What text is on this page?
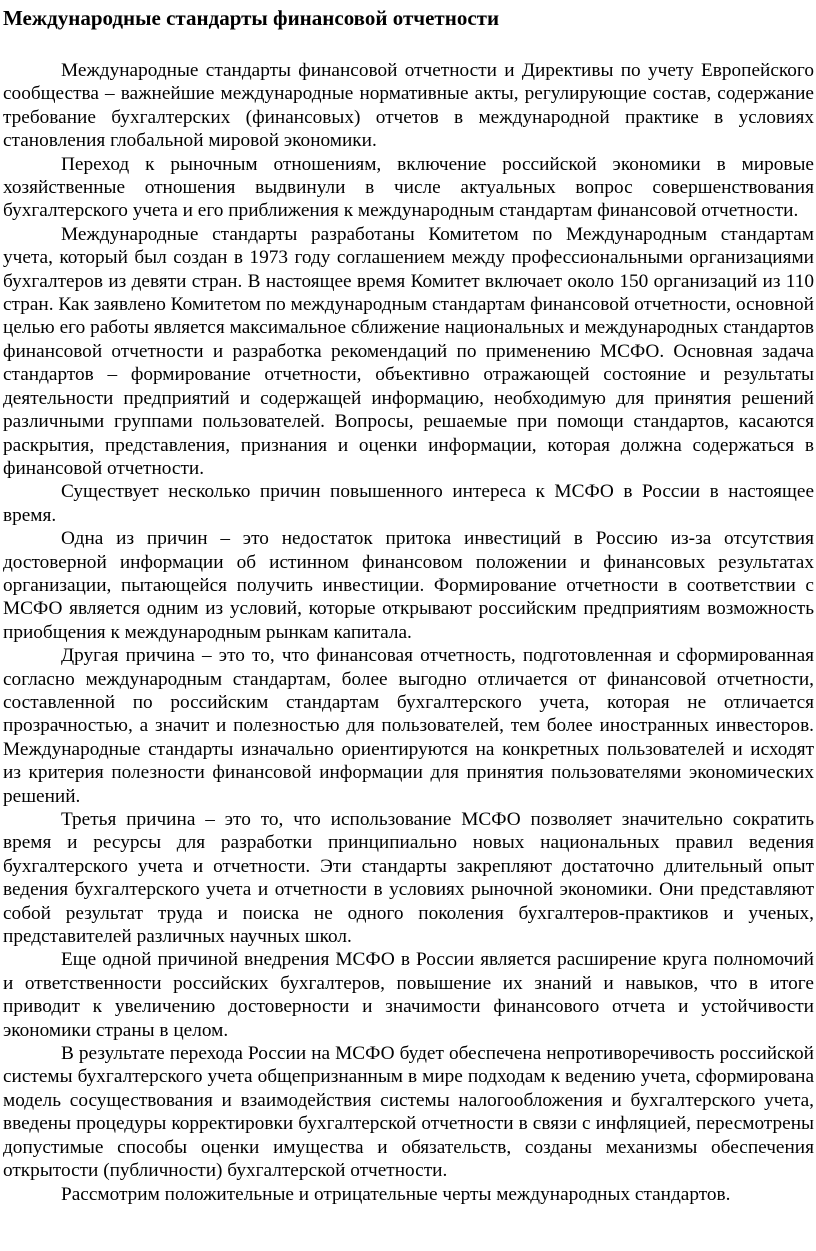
Международные стандарты финансовой отчетности

Международные стандарты финансовой отчетности и Директивы по учету Европейского сообщества – важнейшие международные нормативные акты, регулирующие состав, содержание требование бухгалтерских (финансовых) отчетов в международной практике в условиях становления глобальной мировой экономики.

Переход к рыночным отношениям, включение российской экономики в мировые хозяйственные отношения выдвинули в числе актуальных вопрос совершенствования бухгалтерского учета и его приближения к международным стандартам финансовой отчетности.

Международные стандарты разработаны Комитетом по Международным стандартам учета, который был создан в 1973 году соглашением между профессиональными организациями бухгалтеров из девяти стран. В настоящее время Комитет включает около 150 организаций из 110 стран. Как заявлено Комитетом по международным стандартам финансовой отчетности, основной целью его работы является максимальное сближение национальных и международных стандартов финансовой отчетности и разработка рекомендаций по применению МСФО. Основная задача стандартов – формирование отчетности, объективно отражающей состояние и результаты деятельности предприятий и содержащей информацию, необходимую для принятия решений различными группами пользователей. Вопросы, решаемые при помощи стандартов, касаются раскрытия, представления, признания и оценки информации, которая должна содержаться в финансовой отчетности.

Существует несколько причин повышенного интереса к МСФО в России в настоящее время.

Одна из причин – это недостаток притока инвестиций в Россию из-за отсутствия достоверной информации об истинном финансовом положении и финансовых результатах организации, пытающейся получить инвестиции. Формирование отчетности в соответствии с МСФО является одним из условий, которые открывают российским предприятиям возможность приобщения к международным рынкам капитала.

Другая причина – это то, что финансовая отчетность, подготовленная и сформированная согласно международным стандартам, более выгодно отличается от финансовой отчетности, составленной по российским стандартам бухгалтерского учета, которая не отличается прозрачностью, а значит и полезностью для пользователей, тем более иностранных инвесторов. Международные стандарты изначально ориентируются на конкретных пользователей и исходят из критерия полезности финансовой информации для принятия пользователями экономических решений.

Третья причина – это то, что использование МСФО позволяет значительно сократить время и ресурсы для разработки принципиально новых национальных правил ведения бухгалтерского учета и отчетности. Эти стандарты закрепляют достаточно длительный опыт ведения бухгалтерского учета и отчетности в условиях рыночной экономики. Они представляют собой результат труда и поиска не одного поколения бухгалтеров-практиков и ученых, представителей различных научных школ.

Еще одной причиной внедрения МСФО в России является расширение круга полномочий и ответственности российских бухгалтеров, повышение их знаний и навыков, что в итоге приводит к увеличению достоверности и значимости финансового отчета и устойчивости экономики страны в целом.

В результате перехода России на МСФО будет обеспечена непротиворечивость российской системы бухгалтерского учета общепризнанным в мире подходам к ведению учета, сформирована модель сосуществования и взаимодействия системы налогообложения и бухгалтерского учета, введены процедуры корректировки бухгалтерской отчетности в связи с инфляцией, пересмотрены допустимые способы оценки имущества и обязательств, созданы механизмы обеспечения открытости (публичности) бухгалтерской отчетности.

Рассмотрим положительные и отрицательные черты международных стандартов.
